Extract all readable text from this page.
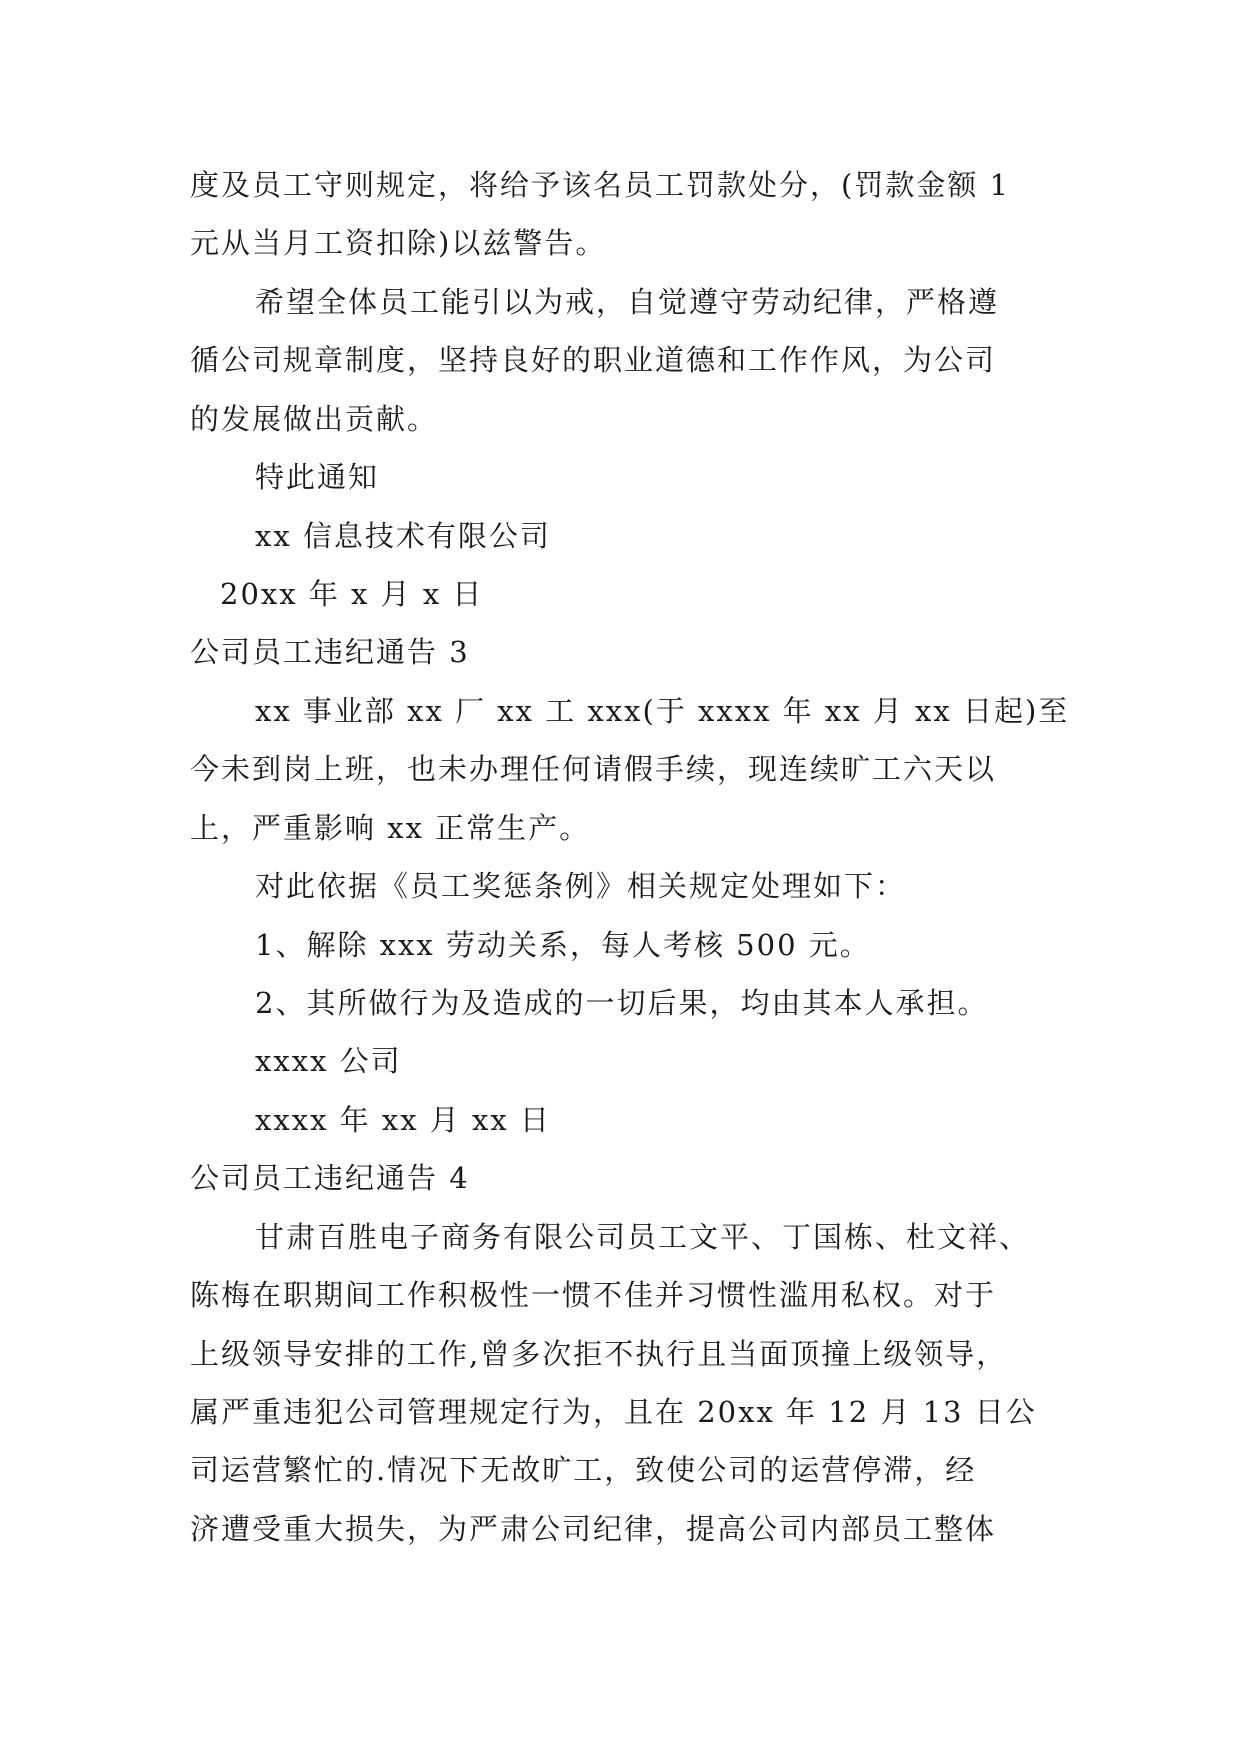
度及员工守则规定，将给予该名员工罚款处分，(罚款金额 1
元从当月工资扣除)以兹警告。
希望全体员工能引以为戒，自觉遵守劳动纪律，严格遵
循公司规章制度，坚持良好的职业道德和工作作风，为公司
的发展做出贡献。
特此通知
xx 信息技术有限公司
20xx 年 x 月 x 日
公司员工违纪通告 3
xx 事业部 xx 厂 xx 工 xxx(于 xxxx 年 xx 月 xx 日起)至
今未到岗上班，也未办理任何请假手续，现连续旷工六天以
上，严重影响 xx 正常生产。
对此依据《员工奖惩条例》相关规定处理如下：
1、解除 xxx 劳动关系，每人考核 500 元。
2、其所做行为及造成的一切后果，均由其本人承担。
xxxx 公司
xxxx 年 xx 月 xx 日
公司员工违纪通告 4
甘肃百胜电子商务有限公司员工文平、丁国栋、杜文祥、
陈梅在职期间工作积极性一惯不佳并习惯性滥用私权。对于
上级领导安排的工作,曾多次拒不执行且当面顶撞上级领导，
属严重违犯公司管理规定行为，且在 20xx 年 12 月 13 日公
司运营繁忙的.情况下无故旷工，致使公司的运营停滞，经
济遭受重大损失，为严肃公司纪律，提高公司内部员工整体
